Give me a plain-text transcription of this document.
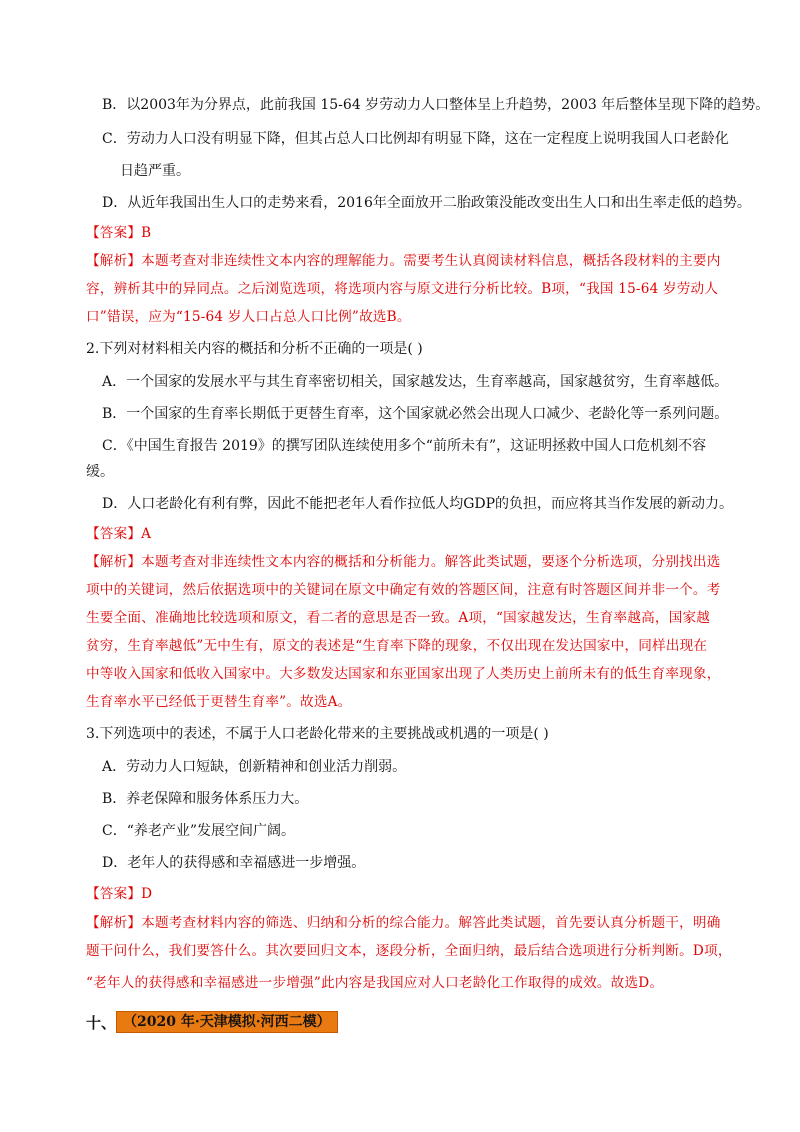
B．以2003年为分界点，此前我国 15-64 岁劳动力人口整体呈上升趋势，2003 年后整体呈现下降的趋势。
C．劳动力人口没有明显下降，但其占总人口比例却有明显下降，这在一定程度上说明我国人口老龄化
日趋严重。
D．从近年我国出生人口的走势来看，2016年全面放开二胎政策没能改变出生人口和出生率走低的趋势。
【答案】B
【解析】本题考查对非连续性文本内容的理解能力。需要考生认真阅读材料信息，概括各段材料的主要内
容，辨析其中的异同点。之后浏览选项，将选项内容与原文进行分析比较。B项，“我国 15-64 岁劳动人
口”错误，应为“15-64 岁人口占总人口比例”故选B。
2.下列对材料相关内容的概括和分析不正确的一项是( )
A．一个国家的发展水平与其生育率密切相关，国家越发达，生育率越高，国家越贫穷，生育率越低。
B．一个国家的生育率长期低于更替生育率，这个国家就必然会出现人口减少、老龄化等一系列问题。
C．《中国生育报告 2019》的撰写团队连续使用多个“前所未有”，这证明拯救中国人口危机刻不容
缓。
D．人口老龄化有利有弊，因此不能把老年人看作拉低人均GDP的负担，而应将其当作发展的新动力。
【答案】A
【解析】本题考查对非连续性文本内容的概括和分析能力。解答此类试题，要逐个分析选项，分别找出选
项中的关键词，然后依据选项中的关键词在原文中确定有效的答题区间，注意有时答题区间并非一个。考
生要全面、准确地比较选项和原文，看二者的意思是否一致。A项，“国家越发达，生育率越高，国家越
贫穷，生育率越低”无中生有，原文的表述是“生育率下降的现象，不仅出现在发达国家中，同样出现在
中等收入国家和低收入国家中。大多数发达国家和东亚国家出现了人类历史上前所未有的低生育率现象，
生育率水平已经低于更替生育率”。故选A。
3.下列选项中的表述，不属于人口老龄化带来的主要挑战或机遇的一项是( )
A．劳动力人口短缺，创新精神和创业活力削弱。
B．养老保障和服务体系压力大。
C．“养老产业”发展空间广阔。
D．老年人的获得感和幸福感进一步增强。
【答案】D
【解析】本题考查材料内容的筛选、归纳和分析的综合能力。解答此类试题，首先要认真分析题干，明确
题干问什么，我们要答什么。其次要回归文本，逐段分析，全面归纳，最后结合选项进行分析判断。D项，
“老年人的获得感和幸福感进一步增强”此内容是我国应对人口老龄化工作取得的成效。故选D。
十、 （2020 年·天津模拟·河西二模）
